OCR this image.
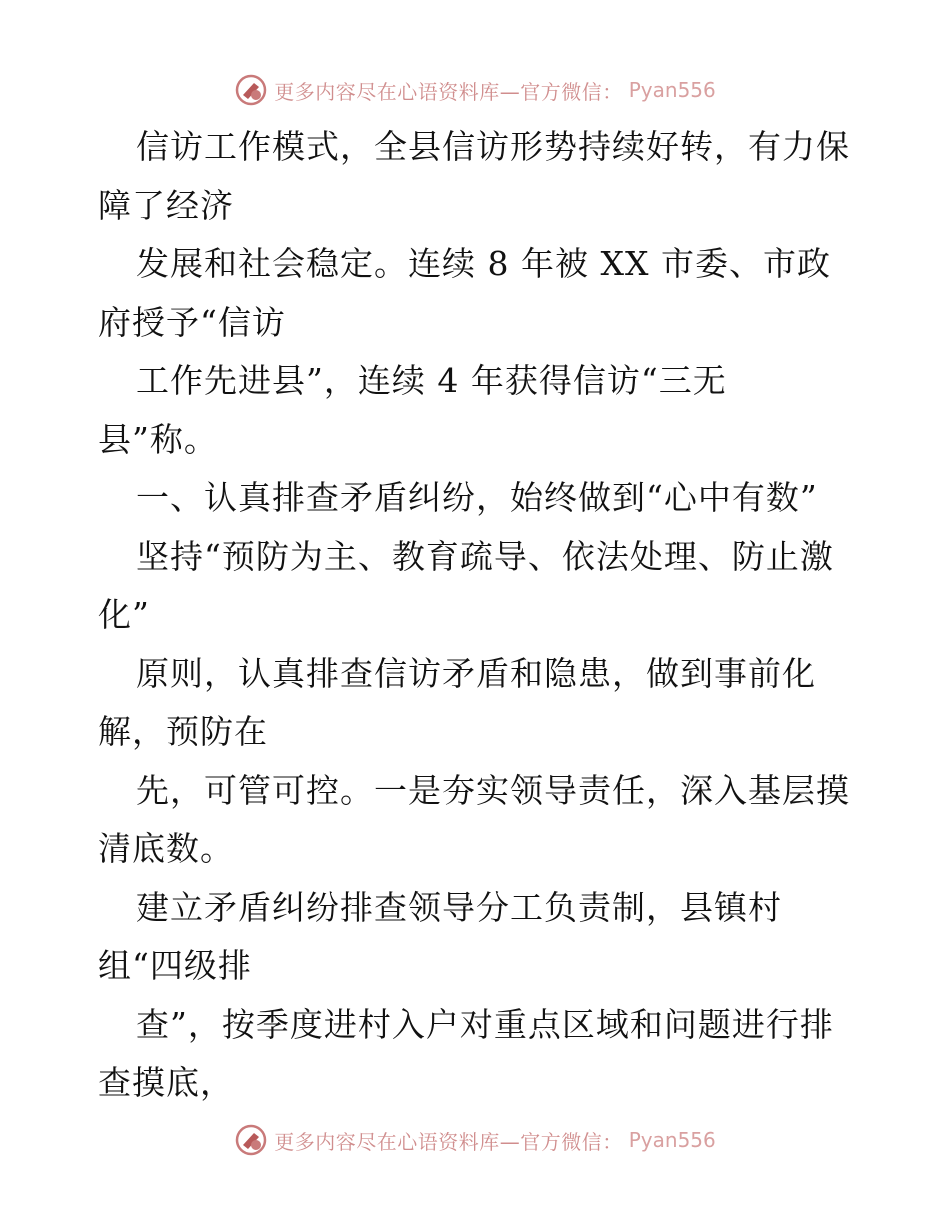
更多内容尽在心语资料库—官方微信： Pyan556
信访工作模式，全县信访形势持续好转，有力保
障了经济
发展和社会稳定。连续 8 年被 XX 市委、市政
府授予“信访
工作先进县”，连续 4 年获得信访“三无
县”称。
一、认真排查矛盾纠纷，始终做到“心中有数”
坚持“预防为主、教育疏导、依法处理、防止激
化”
原则，认真排查信访矛盾和隐患，做到事前化
解，预防在
先，可管可控。一是夯实领导责任，深入基层摸
清底数。
建立矛盾纠纷排查领导分工负责制，县镇村
组“四级排
查”，按季度进村入户对重点区域和问题进行排
查摸底，
更多内容尽在心语资料库—官方微信： Pyan556
